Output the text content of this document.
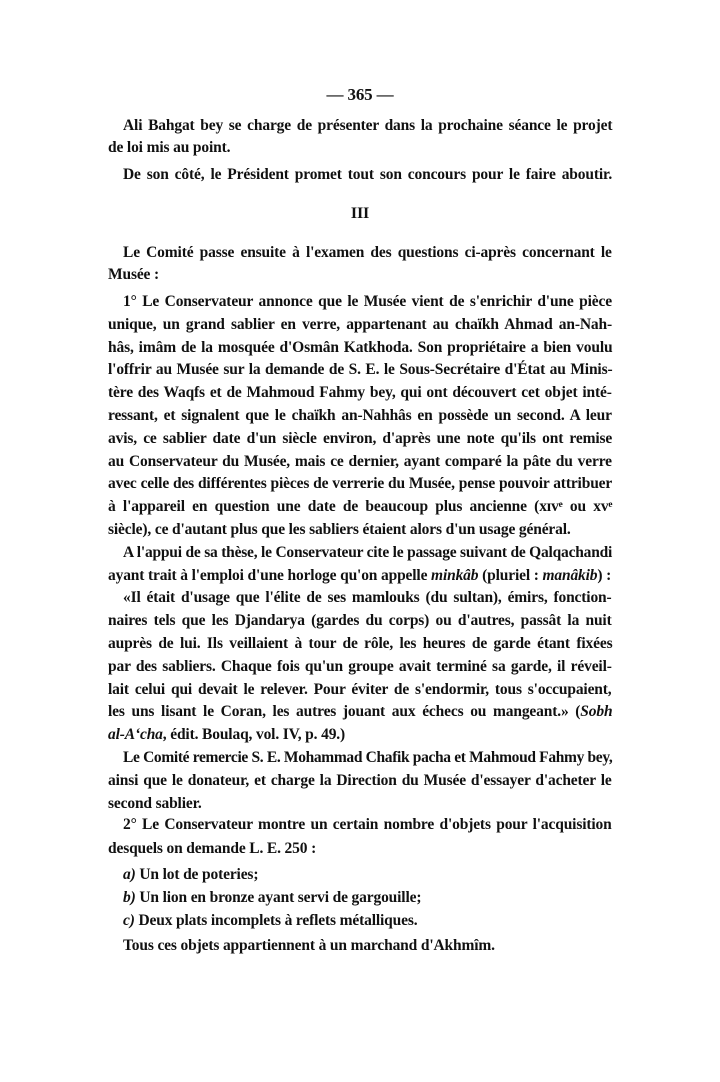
— 365 —
Ali Bahgat bey se charge de présenter dans la prochaine séance le projet
de loi mis au point.
De son côté, le Président promet tout son concours pour le faire aboutir.
III
Le Comité passe ensuite à l'examen des questions ci-après concernant le
Musée :
1° Le Conservateur annonce que le Musée vient de s'enrichir d'une pièce
unique, un grand sablier en verre, appartenant au chaïkh Ahmad an-Nah-
hâs, imâm de la mosquée d'Osmân Katkhoda. Son propriétaire a bien voulu
l'offrir au Musée sur la demande de S. E. le Sous-Secrétaire d'État au Minis-
tère des Waqfs et de Mahmoud Fahmy bey, qui ont découvert cet objet inté-
ressant, et signalent que le chaïkh an-Nahhâs en possède un second. A leur
avis, ce sablier date d'un siècle environ, d'après une note qu'ils ont remise
au Conservateur du Musée, mais ce dernier, ayant comparé la pâte du verre
avec celle des différentes pièces de verrerie du Musée, pense pouvoir attribuer
à l'appareil en question une date de beaucoup plus ancienne (xɪvᵉ ou xvᵉ
siècle), ce d'autant plus que les sabliers étaient alors d'un usage général.
A l'appui de sa thèse, le Conservateur cite le passage suivant de Qalqachandi
ayant trait à l'emploi d'une horloge qu'on appelle minkâb (pluriel : manâkib) :
«Il était d'usage que l'élite de ses mamlouks (du sultan), émirs, fonction-
naires tels que les Djandarya (gardes du corps) ou d'autres, passât la nuit
auprès de lui. Ils veillaient à tour de rôle, les heures de garde étant fixées
par des sabliers. Chaque fois qu'un groupe avait terminé sa garde, il réveil-
lait celui qui devait le relever. Pour éviter de s'endormir, tous s'occupaient,
les uns lisant le Coran, les autres jouant aux échecs ou mangeant.» (Sobh
al-A‘cha, édit. Boulaq, vol. IV, p. 49.)
Le Comité remercie S. E. Mohammad Chafik pacha et Mahmoud Fahmy bey,
ainsi que le donateur, et charge la Direction du Musée d'essayer d'acheter le
second sablier.
2° Le Conservateur montre un certain nombre d'objets pour l'acquisition
desquels on demande L. E. 250 :
a) Un lot de poteries;
b) Un lion en bronze ayant servi de gargouille;
c) Deux plats incomplets à reflets métalliques.
Tous ces objets appartiennent à un marchand d'Akhmîm.
